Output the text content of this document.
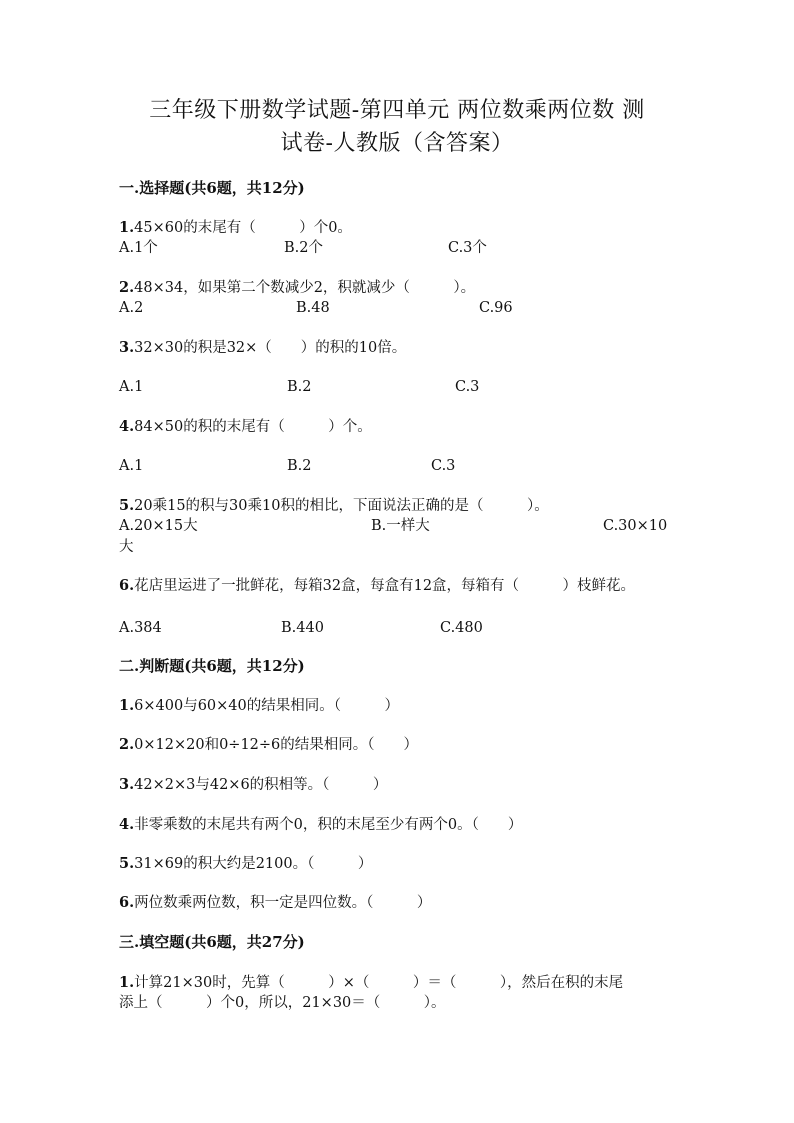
三年级下册数学试题-第四单元 两位数乘两位数 测
试卷-人教版（含答案）
一.选择题(共6题，共12分)
1.45×60的末尾有（　　　）个0。
A.1个	B.2个	C.3个
2.48×34，如果第二个数减少2，积就减少（　　　）。
A.2	B.48	C.96
3.32×30的积是32×（　　）的积的10倍。
A.1	B.2	C.3
4.84×50的积的末尾有（　　　）个。
A.1	B.2	C.3
5.20乘15的积与30乘10积的相比，下面说法正确的是（　　　）。
A.20×15大	B.一样大	C.30×10
大
6.花店里运进了一批鲜花，每箱32盒，每盒有12盒，每箱有（　　　）枝鲜花。
A.384	B.440	C.480
二.判断题(共6题，共12分)
1.6×400与60×40的结果相同。（　　　）
2.0×12×20和0÷12÷6的结果相同。（　　）
3.42×2×3与42×6的积相等。（　　　）
4.非零乘数的末尾共有两个0，积的末尾至少有两个0。（　　）
5.31×69的积大约是2100。（　　　）
6.两位数乘两位数，积一定是四位数。（　　　）
三.填空题(共6题，共27分)
1.计算21×30时，先算（　　　）×（　　　）＝（　　　），然后在积的末尾
添上（　　　）个0，所以，21×30＝（　　　）。
